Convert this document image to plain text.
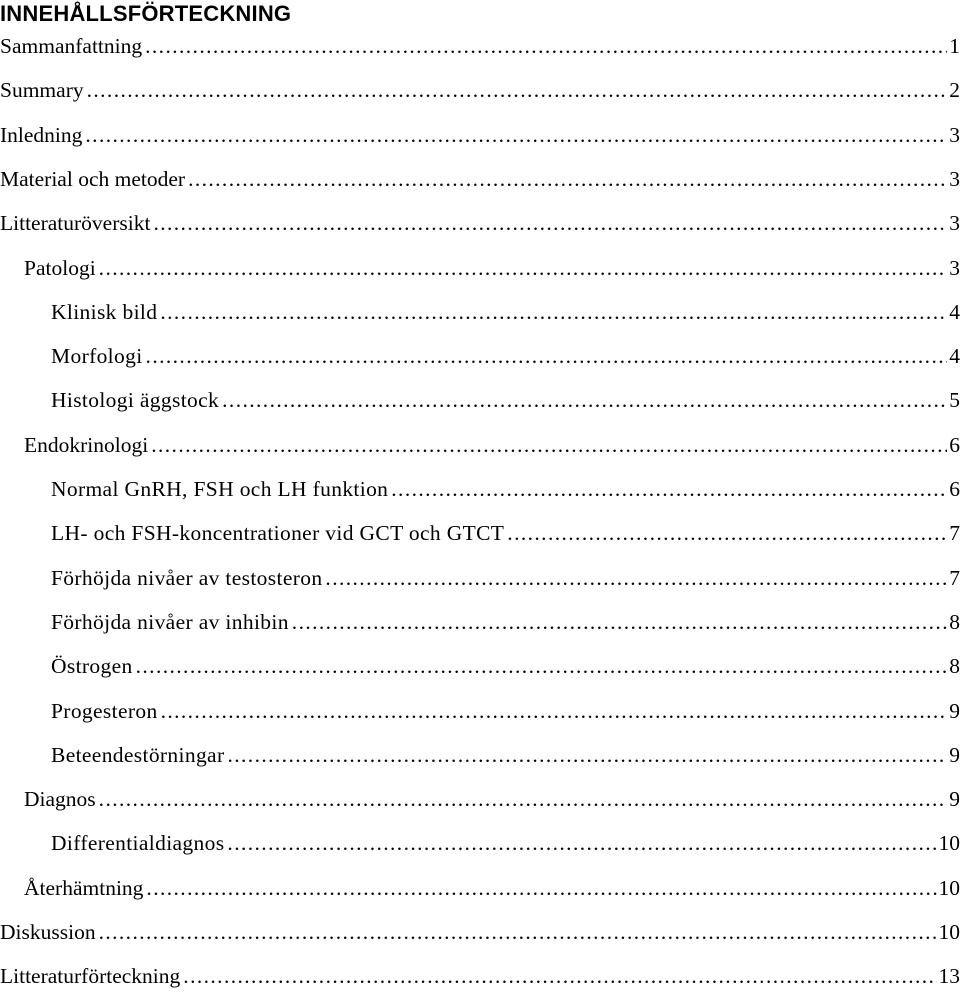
INNEHÅLLSFÖRTECKNING
Sammanfattning .....	1
Summary .....	2
Inledning .....	3
Material och metoder .....	3
Litteraturöversikt .....	3
Patologi .....	3
Klinisk bild .....	4
Morfologi .....	4
Histologi äggstock .....	5
Endokrinologi .....	6
Normal GnRH, FSH och LH funktion .....	6
LH- och FSH-koncentrationer vid GCT och GTCT .....	7
Förhöjda nivåer av testosteron .....	7
Förhöjda nivåer av inhibin .....	8
Östrogen .....	8
Progesteron .....	9
Beteendestörningar .....	9
Diagnos .....	9
Differentialdiagnos .....	10
Återhämtning .....	10
Diskussion .....	10
Litteraturförteckning .....	13
